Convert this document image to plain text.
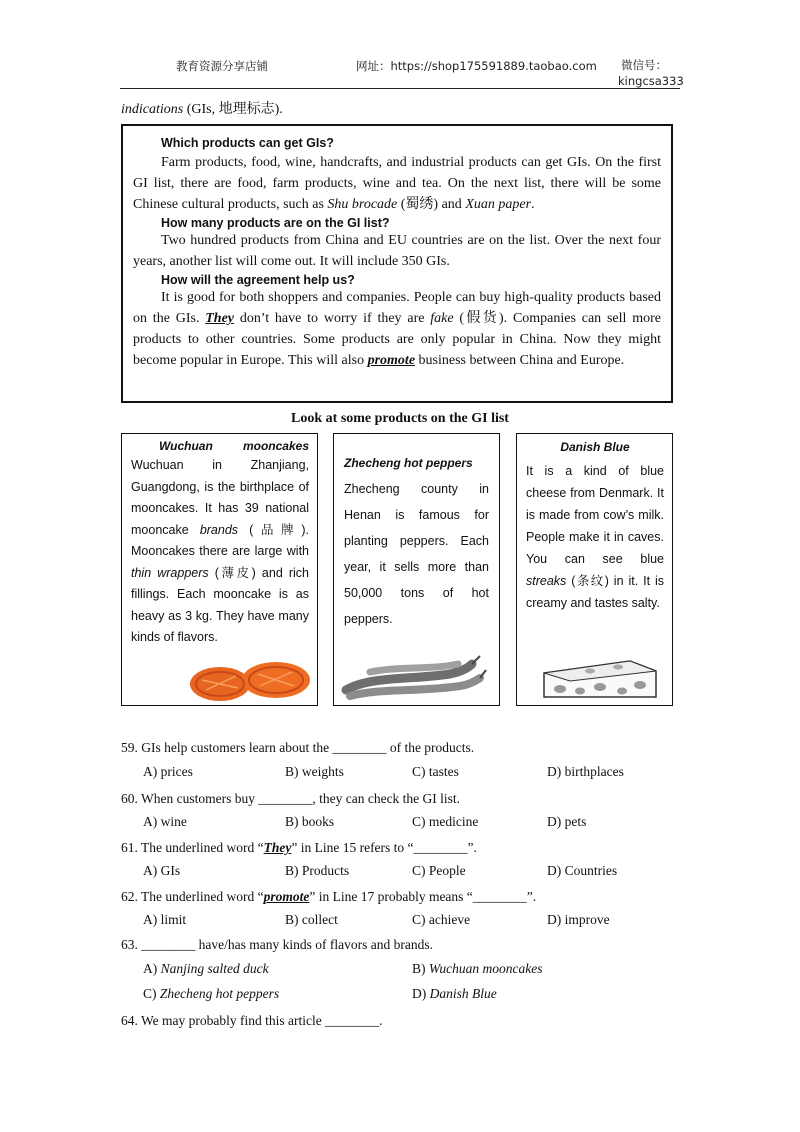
教育资源分享店铺	网址：https://shop175591889.taobao.com 微信号：
kingcsa333
indications (GIs, 地理标志).

Which products can get GIs?

Farm products, food, wine, handcrafts, and industrial products can get GIs. On the first GI list, there are food, farm products, wine and tea. On the next list, there will be some Chinese cultural products, such as Shu brocade (蜀绣) and Xuan paper.

How many products are on the GI list?

Two hundred products from China and EU countries are on the list. Over the next four years, another list will come out. It will include 350 GIs.

How will the agreement help us?

It is good for both shoppers and companies. People can buy high-quality products based on the GIs. They don’t have to worry if they are fake (假货). Companies can sell more products to other countries. Some products are only popular in China. Now they might become popular in Europe. This will also promote business between China and Europe.

Look at some products on the GI list
Wuchuan	mooncakes

Wuchuan in Zhanjiang, Guangdong, is the birthplace of mooncakes. It has 39 national mooncake brands (品牌). Mooncakes there are large with thin wrappers (薄皮) and rich fillings. Each mooncake is as heavy as 3 kg. They have many kinds of flavors.

Zhecheng hot peppers

Zhecheng county in Henan is famous for planting peppers. Each year, it sells more than 50,000 tons of hot peppers.

Danish Blue

It is a kind of blue cheese from Denmark. It is made from cow’s milk. People make it in caves. You can see blue streaks (条纹) in it. It is creamy and tastes salty.

59. GIs help customers learn about the ________ of the products.
A) prices	B) weights	C) tastes	D) birthplaces
60. When customers buy ________, they can check the GI list.
A) wine	B) books	C) medicine	D) pets
61. The underlined word “They” in Line 15 refers to “________”.
A) GIs	B) Products	C) People	D) Countries
62. The underlined word “promote” in Line 17 probably means “________”.
A) limit	B) collect	C) achieve	D) improve
63. ________ have/has many kinds of flavors and brands.
A) Nanjing salted duck	B) Wuchuan mooncakes
C) Zhecheng hot peppers	D) Danish Blue
64. We may probably find this article ________.
